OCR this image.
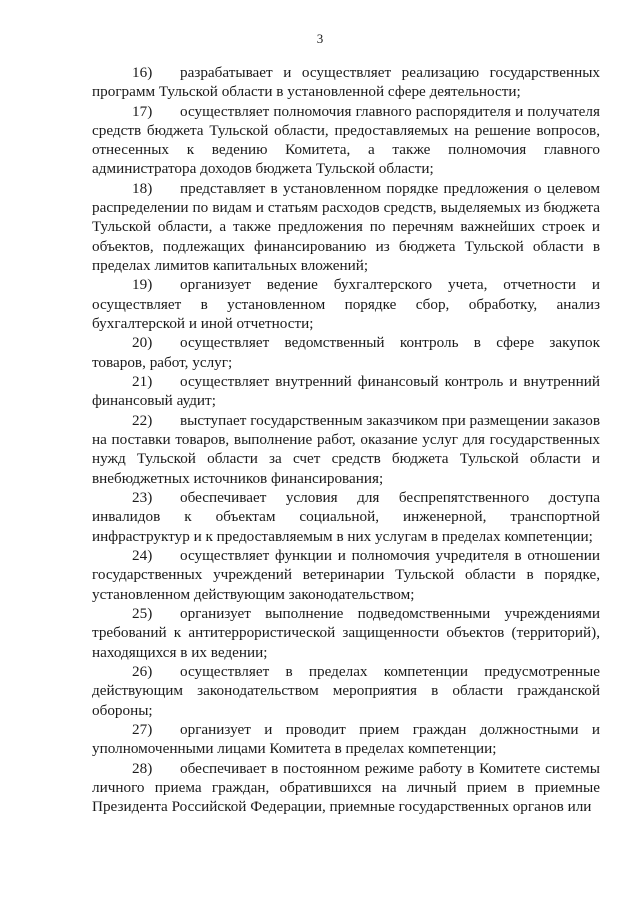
3

16) разрабатывает и осуществляет реализацию государственных программ Тульской области в установленной сфере деятельности;

17) осуществляет полномочия главного распорядителя и получателя средств бюджета Тульской области, предоставляемых на решение вопросов, отнесенных к ведению Комитета, а также полномочия главного администратора доходов бюджета Тульской области;

18) представляет в установленном порядке предложения о целевом распределении по видам и статьям расходов средств, выделяемых из бюджета Тульской области, а также предложения по перечням важнейших строек и объектов, подлежащих финансированию из бюджета Тульской области в пределах лимитов капитальных вложений;

19) организует ведение бухгалтерского учета, отчетности и осуществляет в установленном порядке сбор, обработку, анализ бухгалтерской и иной отчетности;

20) осуществляет ведомственный контроль в сфере закупок товаров, работ, услуг;

21) осуществляет внутренний финансовый контроль и внутренний финансовый аудит;

22) выступает государственным заказчиком при размещении заказов на поставки товаров, выполнение работ, оказание услуг для государственных нужд Тульской области за счет средств бюджета Тульской области и внебюджетных источников финансирования;

23) обеспечивает условия для беспрепятственного доступа инвалидов к объектам социальной, инженерной, транспортной инфраструктур и к предоставляемым в них услугам в пределах компетенции;

24) осуществляет функции и полномочия учредителя в отношении государственных учреждений ветеринарии Тульской области в порядке, установленном действующим законодательством;

25) организует выполнение подведомственными учреждениями требований к антитеррористической защищенности объектов (территорий), находящихся в их ведении;

26) осуществляет в пределах компетенции предусмотренные действующим законодательством мероприятия в области гражданской обороны;

27) организует и проводит прием граждан должностными и уполномоченными лицами Комитета в пределах компетенции;

28) обеспечивает в постоянном режиме работу в Комитете системы личного приема граждан, обратившихся на личный прием в приемные Президента Российской Федерации, приемные государственных органов или
